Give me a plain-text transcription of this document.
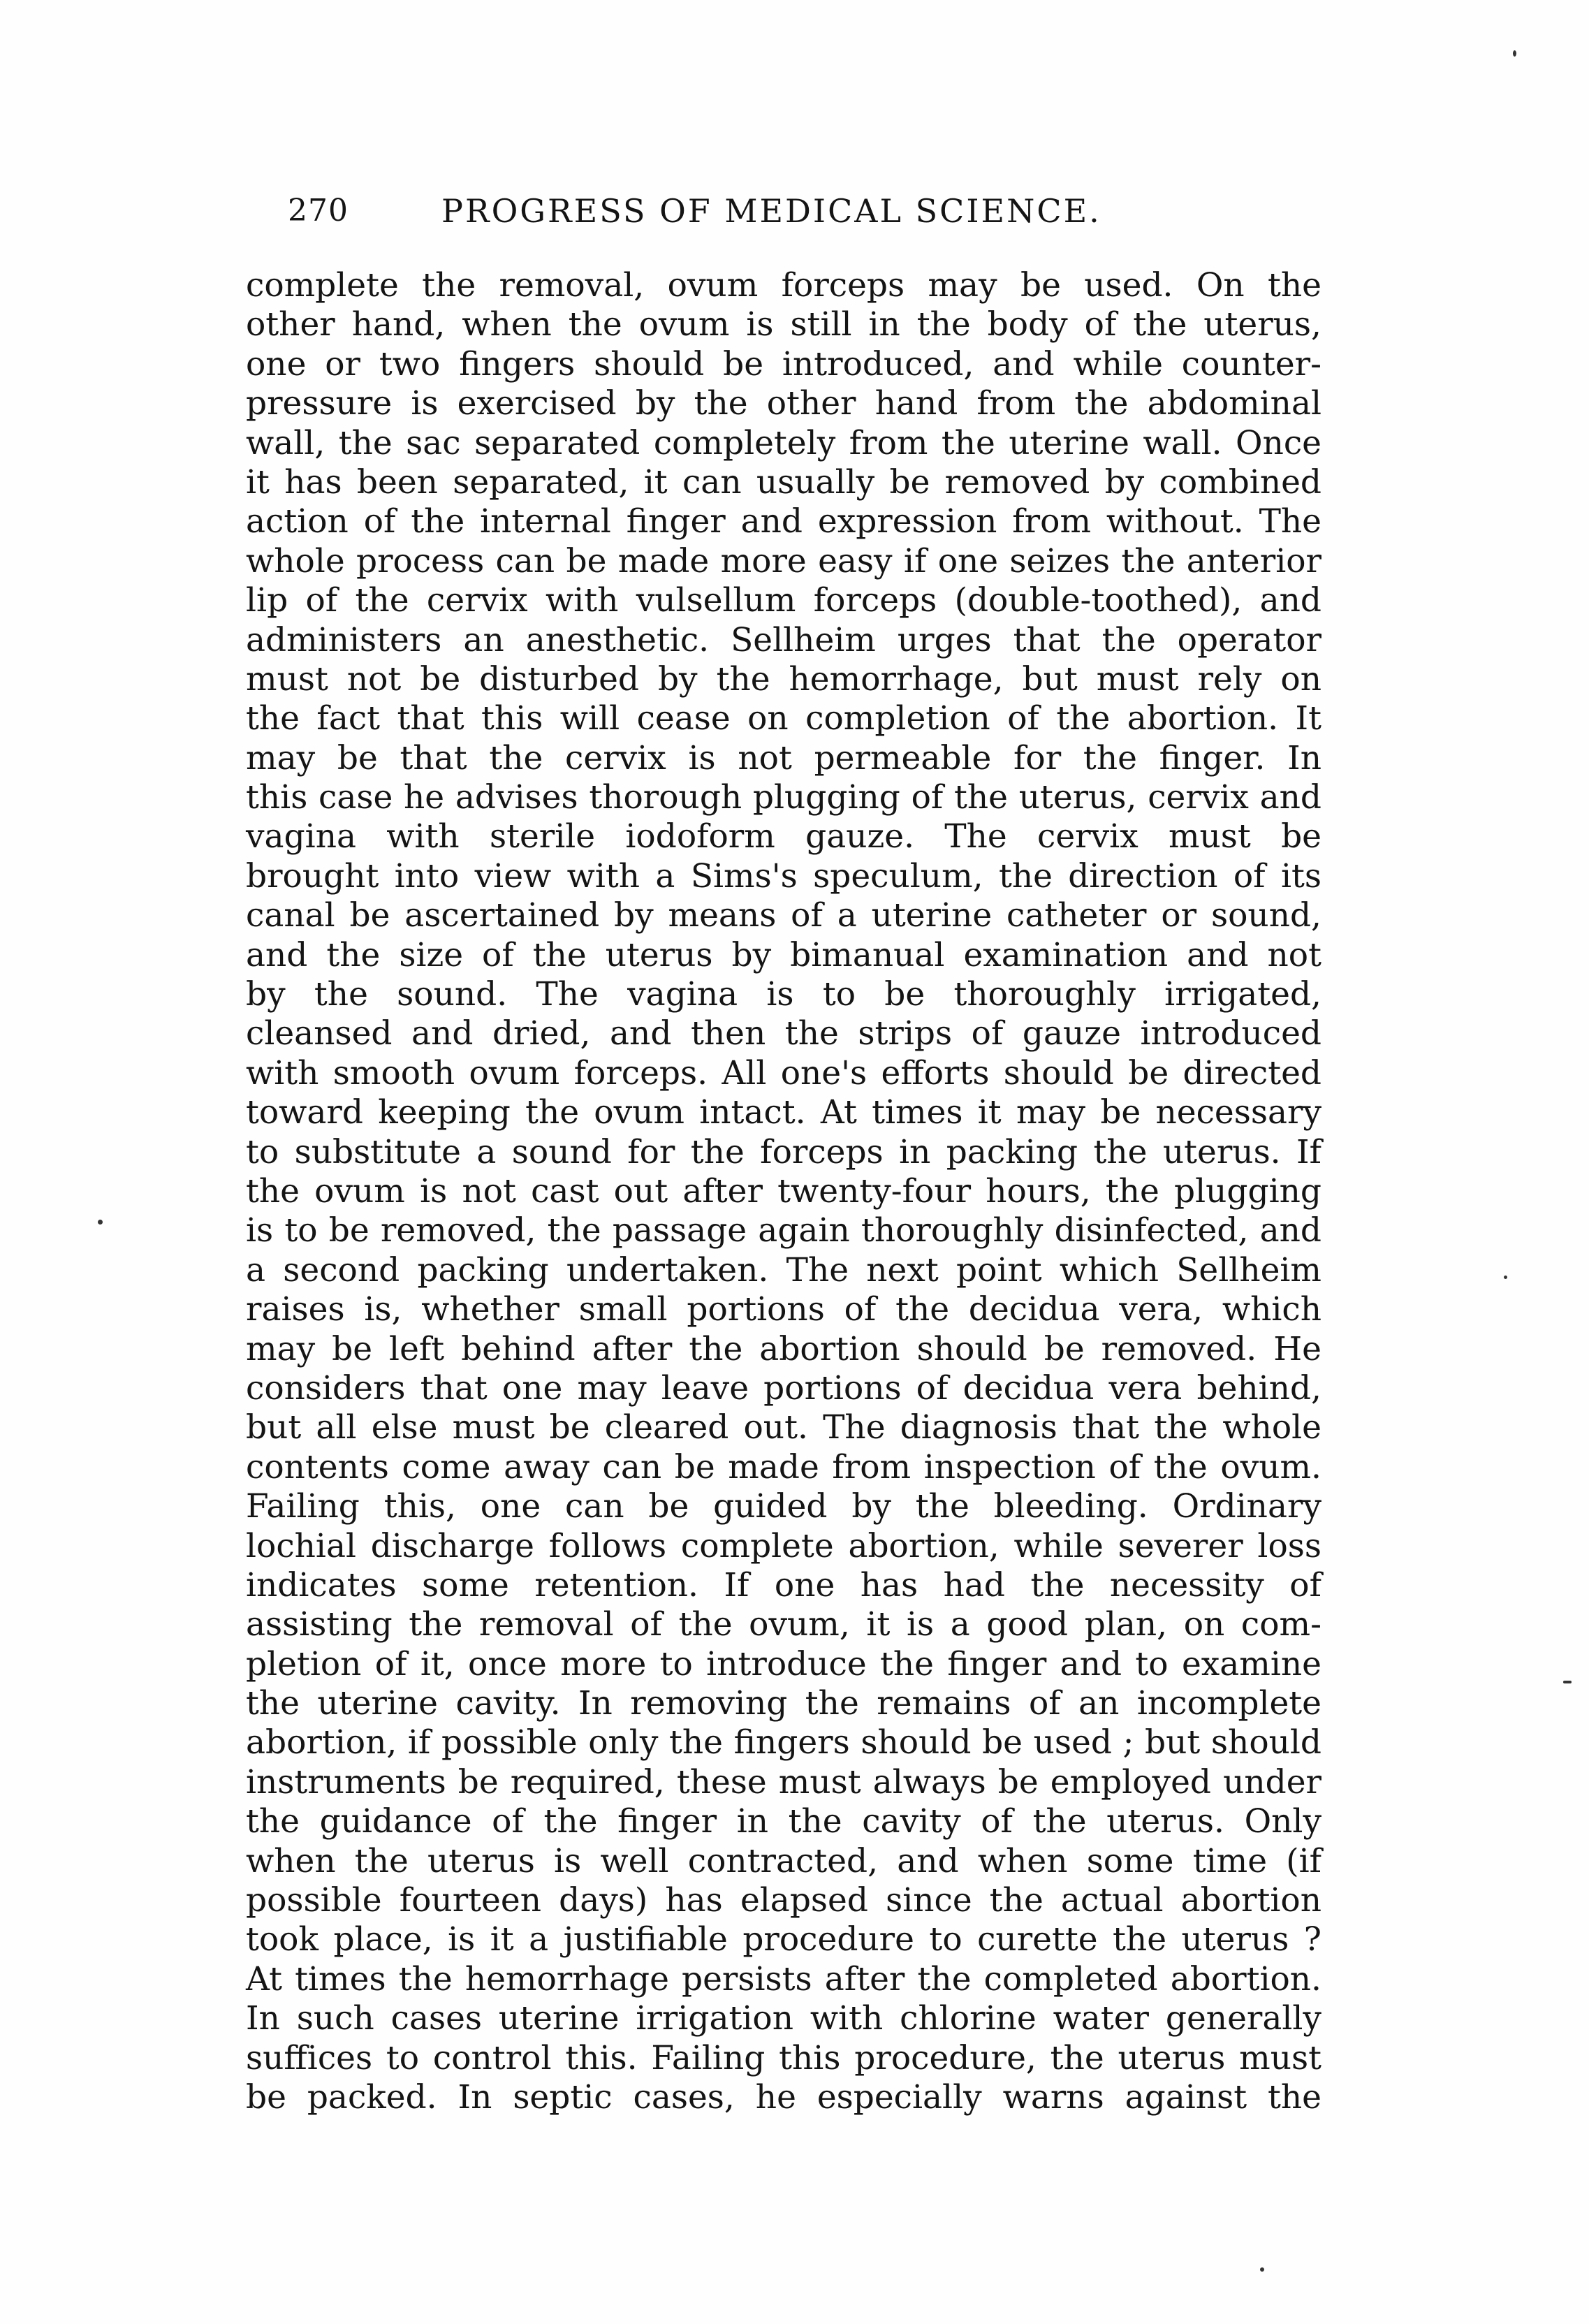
270	PROGRESS OF MEDICAL SCIENCE.
complete the removal, ovum forceps may be used. On the
other hand, when the ovum is still in the body of the uterus,
one or two fingers should be introduced, and while counter-
pressure is exercised by the other hand from the abdominal
wall, the sac separated completely from the uterine wall. Once
it has been separated, it can usually be removed by combined
action of the internal finger and expression from without. The
whole process can be made more easy if one seizes the anterior
lip of the cervix with vulsellum forceps (double-toothed), and
administers an anesthetic. Sellheim urges that the operator
must not be disturbed by the hemorrhage, but must rely on
the fact that this will cease on completion of the abortion. It
may be that the cervix is not permeable for the finger. In
this case he advises thorough plugging of the uterus, cervix and
vagina with sterile iodoform gauze. The cervix must be
brought into view with a Sims's speculum, the direction of its
canal be ascertained by means of a uterine catheter or sound,
and the size of the uterus by bimanual examination and not
by the sound. The vagina is to be thoroughly irrigated,
cleansed and dried, and then the strips of gauze introduced
with smooth ovum forceps. All one's efforts should be directed
toward keeping the ovum intact. At times it may be necessary
to substitute a sound for the forceps in packing the uterus. If
the ovum is not cast out after twenty-four hours, the plugging
is to be removed, the passage again thoroughly disinfected, and
a second packing undertaken. The next point which Sellheim
raises is, whether small portions of the decidua vera, which
may be left behind after the abortion should be removed. He
considers that one may leave portions of decidua vera behind,
but all else must be cleared out. The diagnosis that the whole
contents come away can be made from inspection of the ovum.
Failing this, one can be guided by the bleeding. Ordinary
lochial discharge follows complete abortion, while severer loss
indicates some retention. If one has had the necessity of
assisting the removal of the ovum, it is a good plan, on com-
pletion of it, once more to introduce the finger and to examine
the uterine cavity. In removing the remains of an incomplete
abortion, if possible only the fingers should be used ; but should
instruments be required, these must always be employed under
the guidance of the finger in the cavity of the uterus. Only
when the uterus is well contracted, and when some time (if
possible fourteen days) has elapsed since the actual abortion
took place, is it a justifiable procedure to curette the uterus ?
At times the hemorrhage persists after the completed abortion.
In such cases uterine irrigation with chlorine water generally
suffices to control this. Failing this procedure, the uterus must
be packed. In septic cases, he especially warns against the
